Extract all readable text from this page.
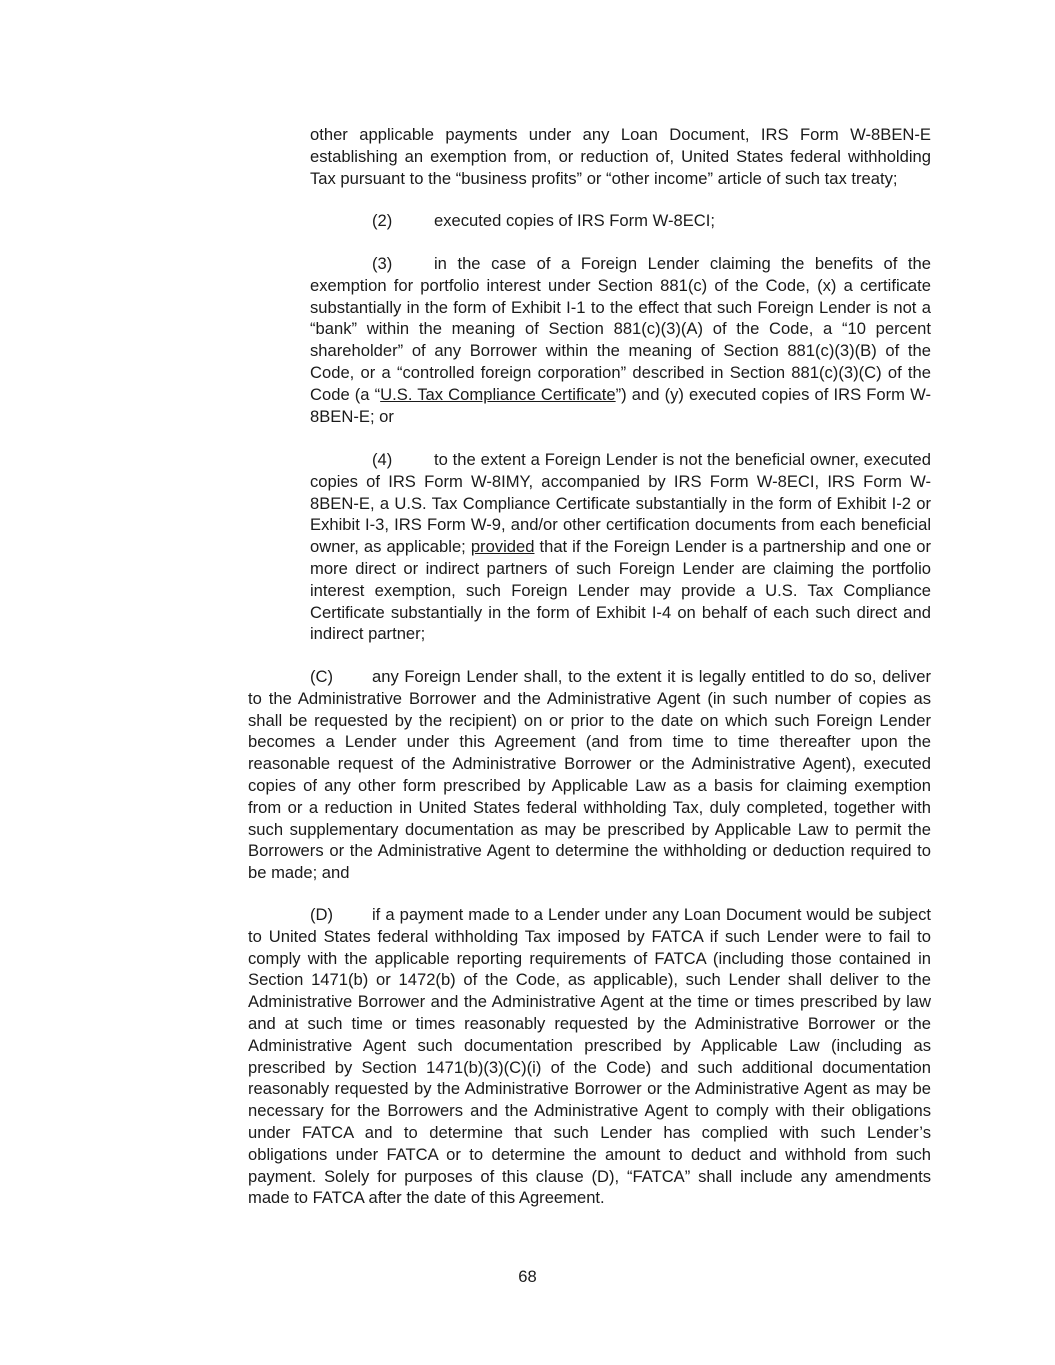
other applicable payments under any Loan Document, IRS Form W-8BEN-E establishing an exemption from, or reduction of, United States federal withholding Tax pursuant to the “business profits” or “other income” article of such tax treaty;

(2)	executed copies of IRS Form W-8ECI;

(3)	in the case of a Foreign Lender claiming the benefits of the exemption for portfolio interest under Section 881(c) of the Code, (x) a certificate substantially in the form of Exhibit I-1 to the effect that such Foreign Lender is not a “bank” within the meaning of Section 881(c)(3)(A) of the Code, a “10 percent shareholder” of any Borrower within the meaning of Section 881(c)(3)(B) of the Code, or a “controlled foreign corporation” described in Section 881(c)(3)(C) of the Code (a “U.S. Tax Compliance Certificate”) and (y) executed copies of IRS Form W-8BEN-E; or

(4)	to the extent a Foreign Lender is not the beneficial owner, executed copies of IRS Form W-8IMY, accompanied by IRS Form W-8ECI, IRS Form W-8BEN-E, a U.S. Tax Compliance Certificate substantially in the form of Exhibit I-2 or Exhibit I-3, IRS Form W-9, and/or other certification documents from each beneficial owner, as applicable; provided that if the Foreign Lender is a partnership and one or more direct or indirect partners of such Foreign Lender are claiming the portfolio interest exemption, such Foreign Lender may provide a U.S. Tax Compliance Certificate substantially in the form of Exhibit I-4 on behalf of each such direct and indirect partner;

(C) any Foreign Lender shall, to the extent it is legally entitled to do so, deliver to the Administrative Borrower and the Administrative Agent (in such number of copies as shall be requested by the recipient) on or prior to the date on which such Foreign Lender becomes a Lender under this Agreement (and from time to time thereafter upon the reasonable request of the Administrative Borrower or the Administrative Agent), executed copies of any other form prescribed by Applicable Law as a basis for claiming exemption from or a reduction in United States federal withholding Tax, duly completed, together with such supplementary documentation as may be prescribed by Applicable Law to permit the Borrowers or the Administrative Agent to determine the withholding or deduction required to be made; and

(D) if a payment made to a Lender under any Loan Document would be subject to United States federal withholding Tax imposed by FATCA if such Lender were to fail to comply with the applicable reporting requirements of FATCA (including those contained in Section 1471(b) or 1472(b) of the Code, as applicable), such Lender shall deliver to the Administrative Borrower and the Administrative Agent at the time or times prescribed by law and at such time or times reasonably requested by the Administrative Borrower or the Administrative Agent such documentation prescribed by Applicable Law (including as prescribed by Section 1471(b)(3)(C)(i) of the Code) and such additional documentation reasonably requested by the Administrative Borrower or the Administrative Agent as may be necessary for the Borrowers and the Administrative Agent to comply with their obligations under FATCA and to determine that such Lender has complied with such Lender’s obligations under FATCA or to determine the amount to deduct and withhold from such payment. Solely for purposes of this clause (D), “FATCA” shall include any amendments made to FATCA after the date of this Agreement.

68
